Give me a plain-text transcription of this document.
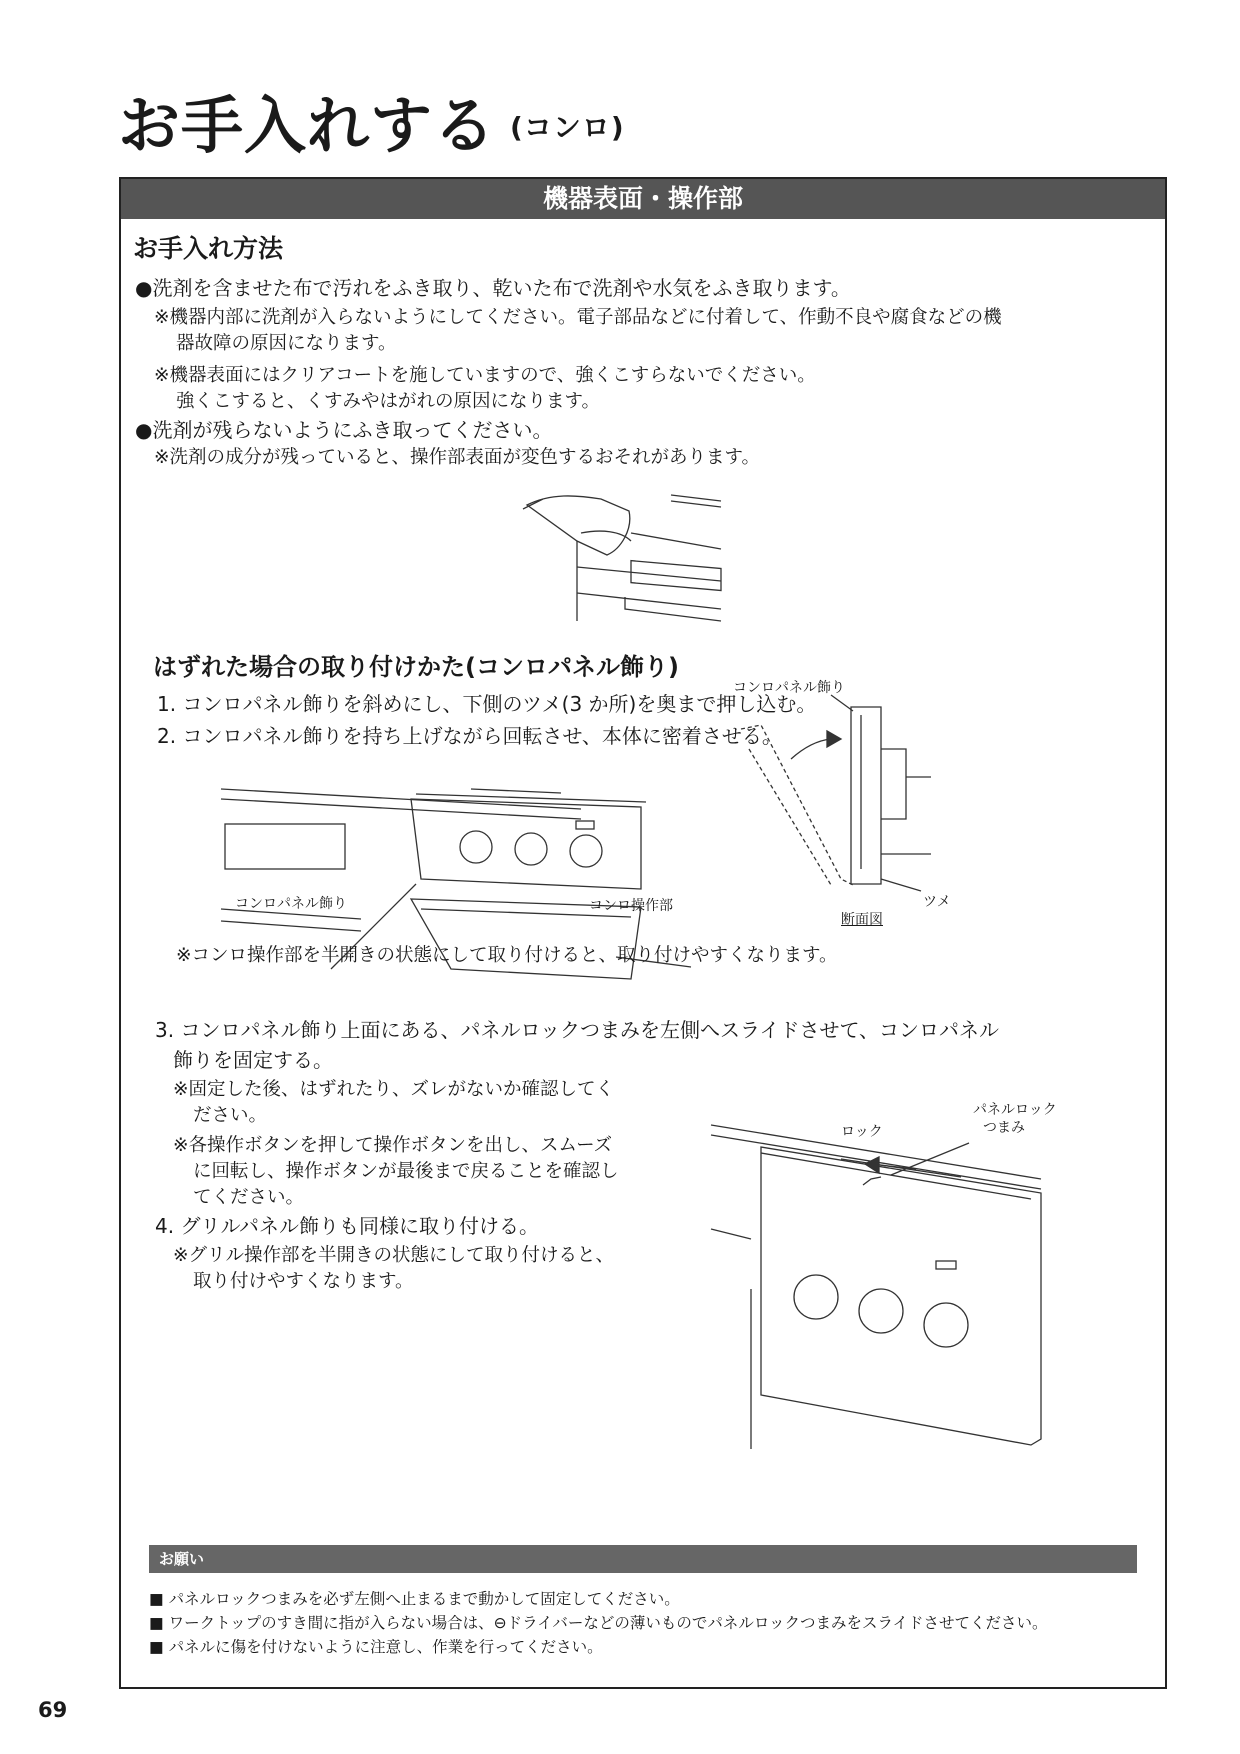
お手入れする $^{(コンロ)}$
機器表面・操作部
お手入れ方法
●洗剤を含ませた布で汚れをふき取り、乾いた布で洗剤や水気をふき取ります。
※機器内部に洗剤が入らないようにしてください。電子部品などに付着して、作動不良や腐食などの機
器故障の原因になります。
※機器表面にはクリアコートを施していますので、強くこすらないでください。
強くこすると、くすみやはがれの原因になります。
●洗剤が残らないようにふき取ってください。
※洗剤の成分が残っていると、操作部表面が変色するおそれがあります。
はずれた場合の取り付けかた(コンロパネル飾り)
1. コンロパネル飾りを斜めにし、下側のツメ(3 か所)を奥まで押し込む。
2. コンロパネル飾りを持ち上げながら回転させ、本体に密着させる。
コンロパネル飾り	コンロ操作部
コンロパネル飾り
ツメ
断面図
※コンロ操作部を半開きの状態にして取り付けると、取り付けやすくなります。
3. コンロパネル飾り上面にある、パネルロックつまみを左側へスライドさせて、コンロパネル
飾りを固定する。
※固定した後、はずれたり、ズレがないか確認してく
ださい。
※各操作ボタンを押して操作ボタンを出し、スムーズ
に回転し、操作ボタンが最後まで戻ることを確認し
てください。
4. グリルパネル飾りも同様に取り付ける。
※グリル操作部を半開きの状態にして取り付けると、
取り付けやすくなります。
ロック
パネルロック
つまみ
お願い
■ パネルロックつまみを必ず左側へ止まるまで動かして固定してください。
■ ワークトップのすき間に指が入らない場合は、⊖ドライバーなどの薄いものでパネルロックつまみをスライドさせてください。
■ パネルに傷を付けないように注意し、作業を行ってください。
69
